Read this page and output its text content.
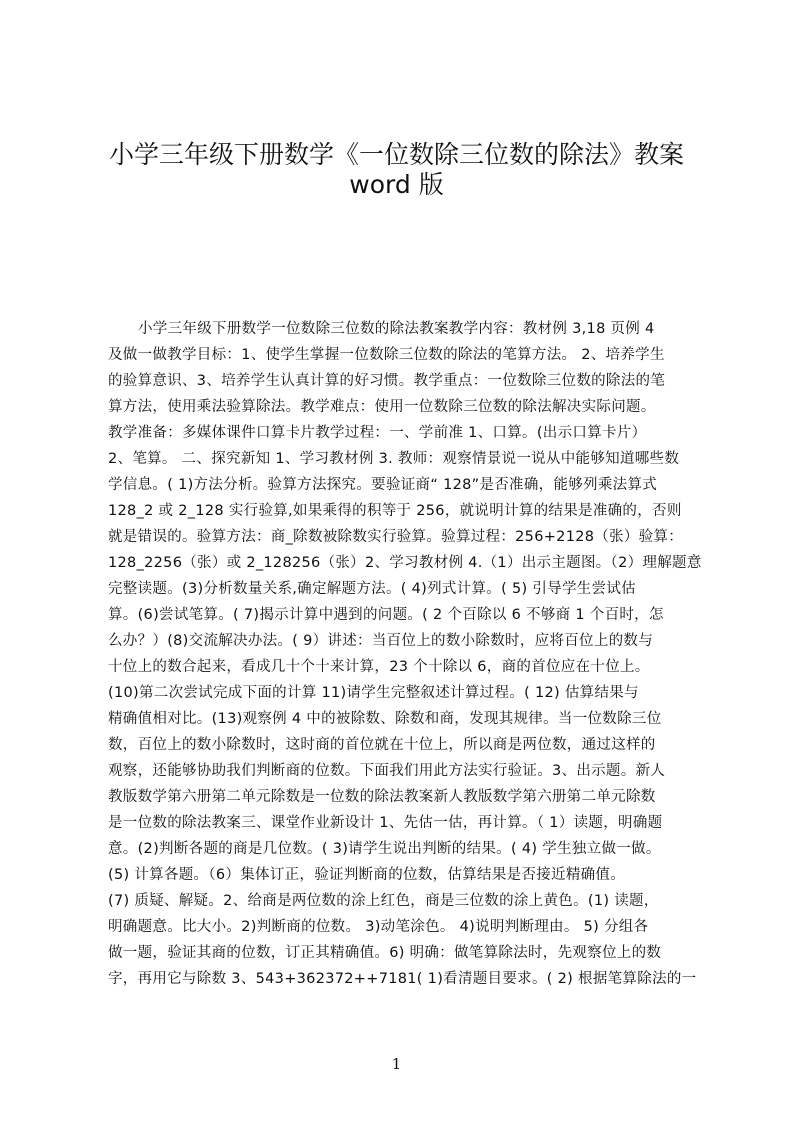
小学三年级下册数学《一位数除三位数的除法》教案
word 版
小学三年级下册数学一位数除三位数的除法教案教学内容：教材例 3,18 页例 4
及做一做教学目标：1、使学生掌握一位数除三位数的除法的笔算方法。 2、培养学生
的验算意识、3、培养学生认真计算的好习惯。教学重点：一位数除三位数的除法的笔
算方法，使用乘法验算除法。教学难点：使用一位数除三位数的除法解决实际问题。
教学准备：多媒体课件口算卡片教学过程：一、学前准 1、口算。(出示口算卡片）
2、笔算。 二、探究新知 1、学习教材例 3. 教师：观察情景说一说从中能够知道哪些数
学信息。( 1)方法分析。验算方法探究。要验证商“ 128”是否准确，能够列乘法算式
128_2 或 2_128 实行验算,如果乘得的积等于 256，就说明计算的结果是准确的，否则
就是错误的。验算方法：商_除数被除数实行验算。验算过程：256+2128（张）验算：
128_2256（张）或 2_128256（张）2、学习教材例 4.（1）出示主题图。（2）理解题意
完整读题。(3)分析数量关系,确定解题方法。( 4)列式计算。( 5) 引导学生尝试估
算。(6)尝试笔算。( 7)揭示计算中遇到的问题。( 2 个百除以 6 不够商 1 个百时，怎
么办？）(8)交流解决办法。( 9）讲述：当百位上的数小除数时，应将百位上的数与
十位上的数合起来，看成几十个十来计算，23 个十除以 6，商的首位应在十位上。
(10)第二次尝试完成下面的计算 11)请学生完整叙述计算过程。( 12) 估算结果与
精确值相对比。(13)观察例 4 中的被除数、除数和商，发现其规律。当一位数除三位
数，百位上的数小除数时，这时商的首位就在十位上，所以商是两位数，通过这样的
观察，还能够协助我们判断商的位数。下面我们用此方法实行验证。3、出示题。新人
教版数学第六册第二单元除数是一位数的除法教案新人教版数学第六册第二单元除数
是一位数的除法教案三、课堂作业新设计 1、先估一估，再计算。（ 1）读题，明确题
意。(2)判断各题的商是几位数。( 3)请学生说出判断的结果。( 4) 学生独立做一做。
(5) 计算各题。（6）集体订正，验证判断商的位数，估算结果是否接近精确值。
(7) 质疑、解疑。2、给商是两位数的涂上红色，商是三位数的涂上黄色。(1) 读题，
明确题意。比大小。2)判断商的位数。 3)动笔涂色。 4)说明判断理由。 5) 分组各
做一题，验证其商的位数，订正其精确值。6) 明确：做笔算除法时，先观察位上的数
字，再用它与除数 3、543+362372++7181( 1)看清题目要求。( 2) 根据笔算除法的一
1
